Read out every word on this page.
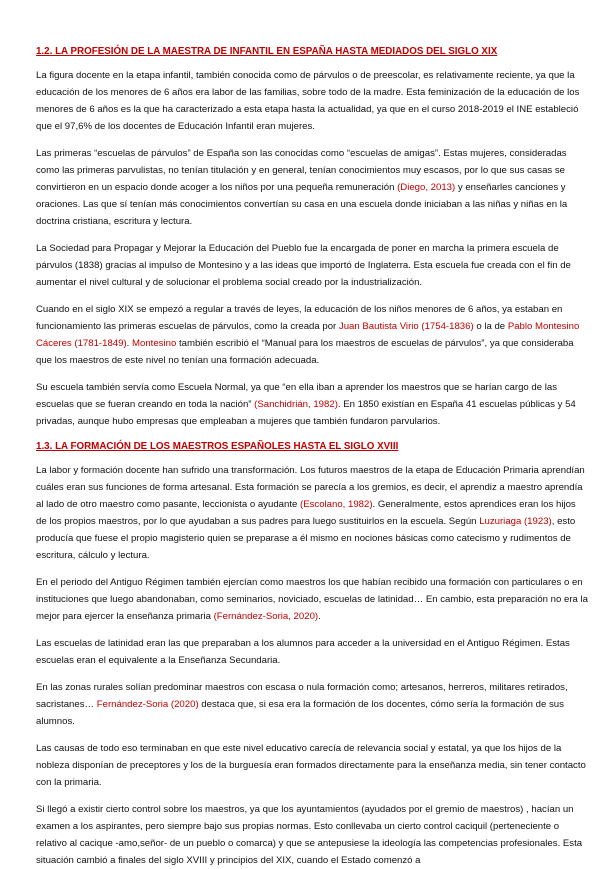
1.2. LA PROFESIÓN DE LA MAESTRA DE INFANTIL EN ESPAÑA HASTA MEDIADOS DEL SIGLO XIX

La figura docente en la etapa infantil, también conocida como de párvulos o de preescolar, es relativamente reciente, ya que la educación de los menores de 6 años era labor de las familias, sobre todo de la madre. Esta feminización de la educación de los menores de 6 años es la que ha caracterizado a esta etapa hasta la actualidad, ya que en el curso 2018-2019 el INE estableció que el 97,6% de los docentes de Educación Infantil eran mujeres.

Las primeras “escuelas de párvulos” de España son las conocidas como “escuelas de amigas”. Estas mujeres, consideradas como las primeras parvulistas, no tenían titulación y en general, tenían conocimientos muy escasos, por lo que sus casas se convirtieron en un espacio donde acoger a los niños por una pequeña remuneración (Diego, 2013) y enseñarles canciones y oraciones. Las que sí tenían más conocimientos convertían su casa en una escuela donde iniciaban a las niñas y niñas en la doctrina cristiana, escritura y lectura.

La Sociedad para Propagar y Mejorar la Educación del Pueblo fue la encargada de poner en marcha la primera escuela de párvulos (1838) gracias al impulso de Montesino y a las ideas que importó de Inglaterra. Esta escuela fue creada con el fin de aumentar el nivel cultural y de solucionar el problema social creado por la industrialización.

Cuando en el siglo XIX se empezó a regular a través de leyes, la educación de los niños menores de 6 años, ya estaban en funcionamiento las primeras escuelas de párvulos, como la creada por Juan Bautista Virio (1754-1836) o la de Pablo Montesino Cáceres (1781-1849). Montesino también escribió el “Manual para los maestros de escuelas de párvulos”, ya que consideraba que los maestros de este nivel no tenían una formación adecuada.

Su escuela también servía como Escuela Normal, ya que “en ella iban a aprender los maestros que se harían cargo de las escuelas que se fueran creando en toda la nación” (Sanchidrián, 1982). En 1850 existían en España 41 escuelas públicas y 54 privadas, aunque hubo empresas que empleaban a mujeres que también fundaron parvularios.

1.3. LA FORMACIÓN DE LOS MAESTROS ESPAÑOLES HASTA EL SIGLO XVIII

La labor y formación docente han sufrido una transformación. Los futuros maestros de la etapa de Educación Primaria aprendían cuáles eran sus funciones de forma artesanal. Esta formación se parecía a los gremios, es decir, el aprendiz a maestro aprendía al lado de otro maestro como pasante, leccionista o ayudante (Escolano, 1982). Generalmente, estos aprendices eran los hijos de los propios maestros, por lo que ayudaban a sus padres para luego sustituirlos en la escuela. Según Luzuriaga (1923), esto producía que fuese el propio magisterio quien se preparase a él mismo en nociones básicas como catecismo y rudimentos de escritura, cálculo y lectura.

En el periodo del Antiguo Régimen también ejercían como maestros los que habían recibido una formación con particulares o en instituciones que luego abandonaban, como seminarios, noviciado, escuelas de latinidad… En cambio, esta preparación no era la mejor para ejercer la enseñanza primaria (Fernández-Soria, 2020).

Las escuelas de latinidad eran las que preparaban a los alumnos para acceder a la universidad en el Antiguo Régimen. Estas escuelas eran el equivalente a la Enseñanza Secundaria.

En las zonas rurales solían predominar maestros con escasa o nula formación como; artesanos, herreros, militares retirados, sacristanes… Fernández-Soria (2020) destaca que, si esa era la formación de los docentes, cómo sería la formación de sus alumnos.

Las causas de todo eso terminaban en que este nivel educativo carecía de relevancia social y estatal, ya que los hijos de la nobleza disponían de preceptores y los de la burguesía eran formados directamente para la enseñanza media, sin tener contacto con la primaria.

Si llegó a existir cierto control sobre los maestros, ya que los ayuntamientos (ayudados por el gremio de maestros) , hacían un examen a los aspirantes, pero siempre bajo sus propias normas. Esto conllevaba un cierto control caciquil (perteneciente o relativo al cacique -amo,señor- de un pueblo o comarca) y que se antepusiese la ideología las competencias profesionales. Esta situación cambió a finales del siglo XVIII y principios del XIX, cuando el Estado comenzó a
